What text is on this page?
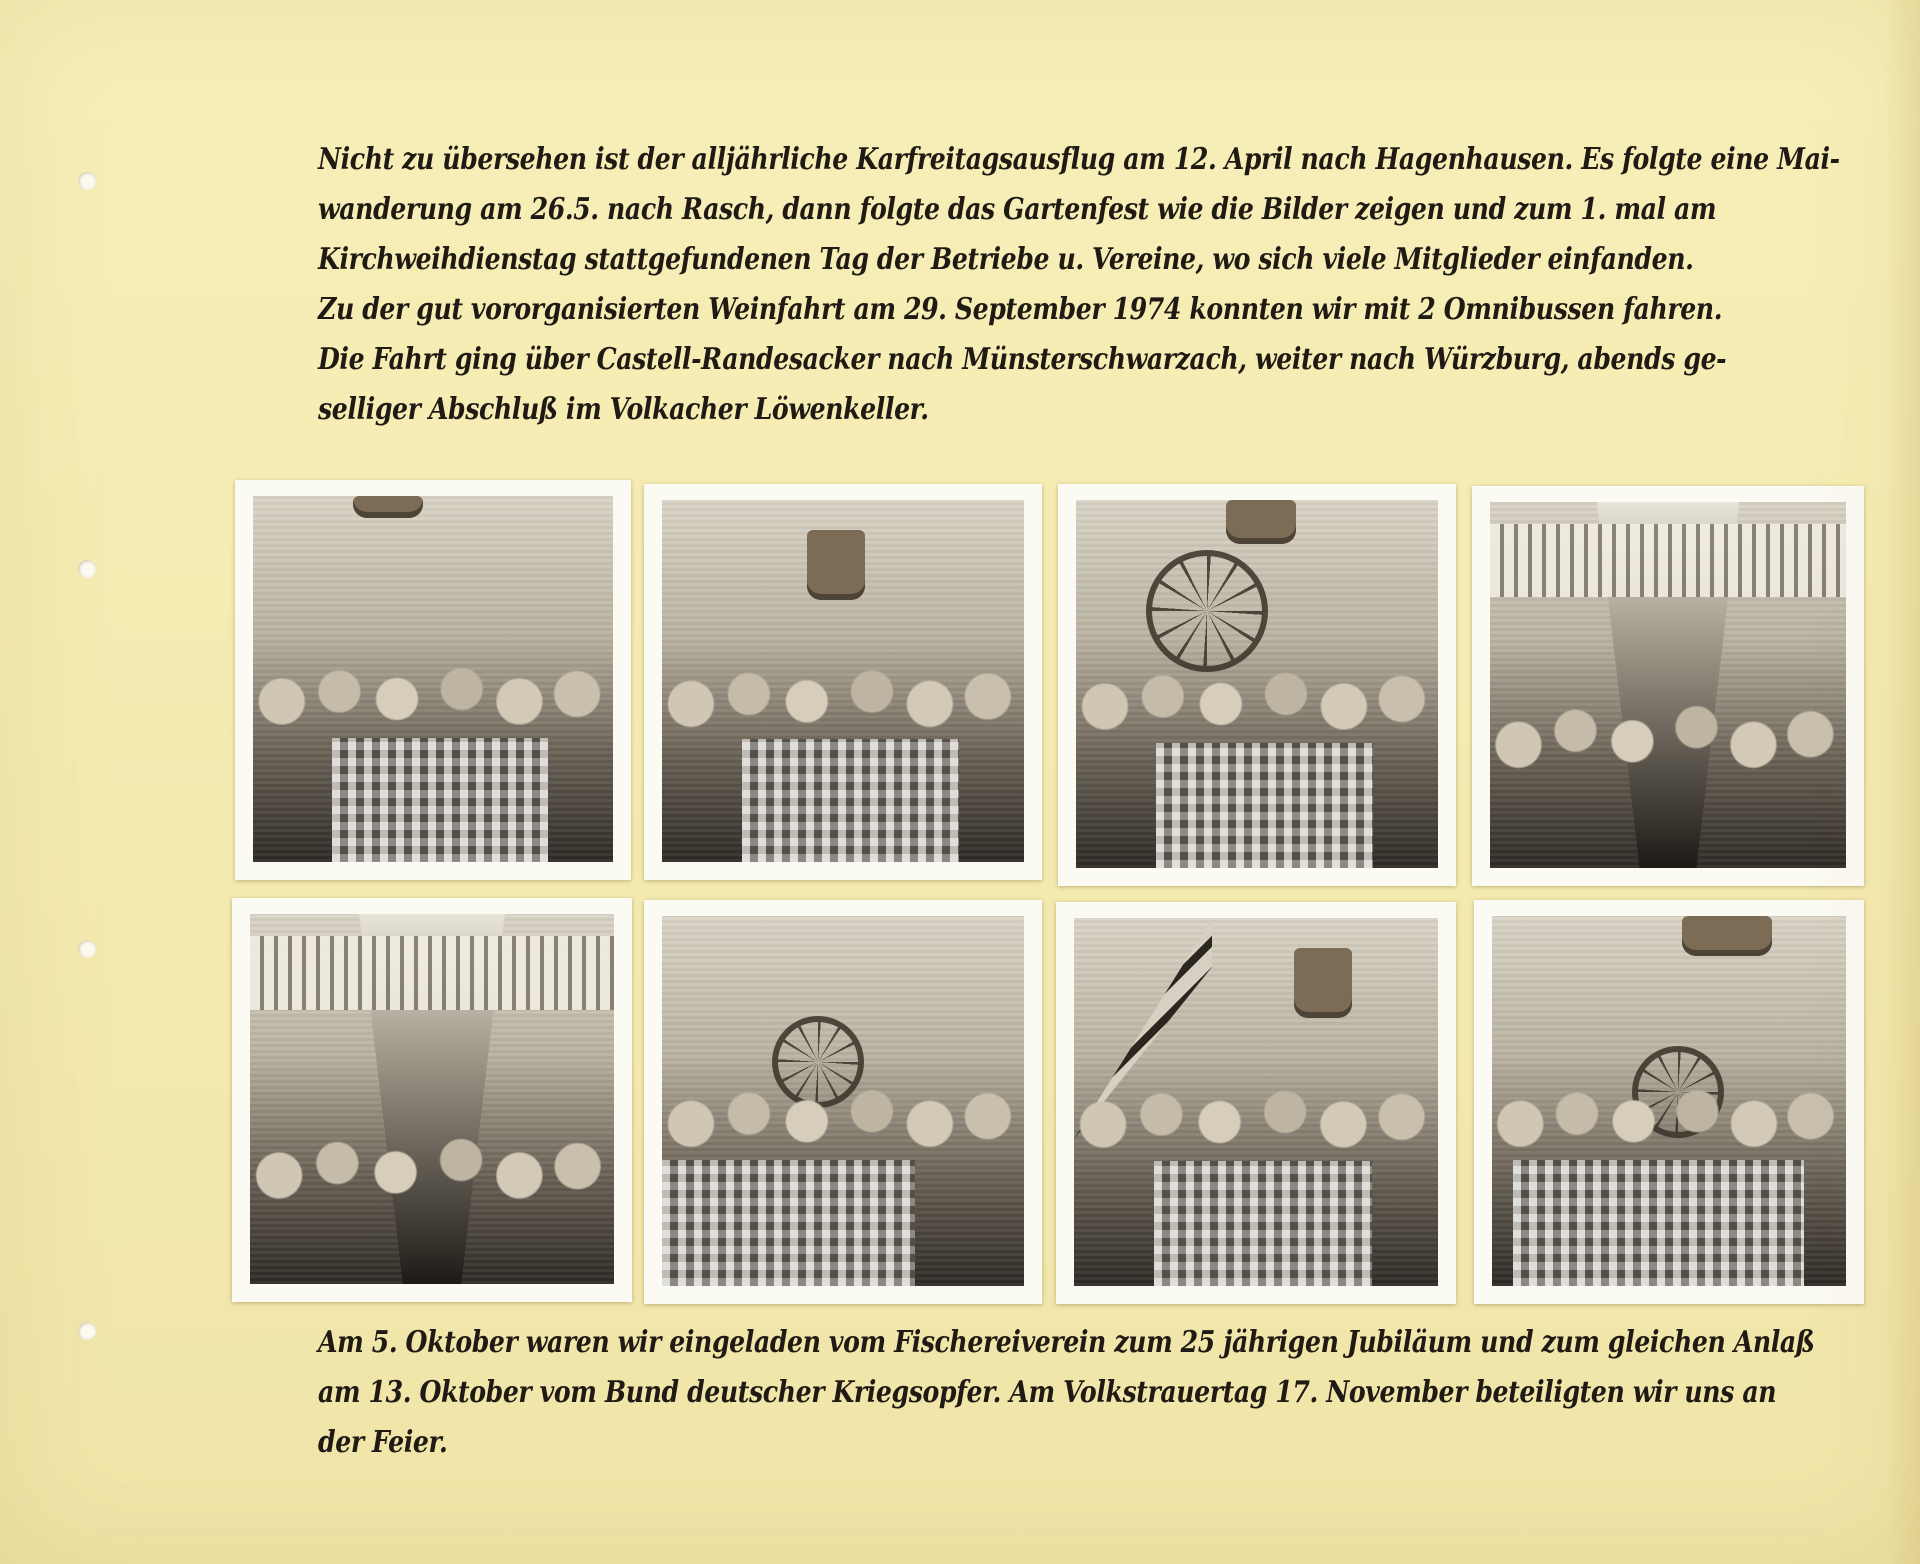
Nicht zu übersehen ist der alljährliche Karfreitagsausflug am 12. April nach Hagenhausen. Es folgte eine Mai-
wanderung am 26.5. nach Rasch, dann folgte das Gartenfest wie die Bilder zeigen und zum 1. mal am
Kirchweihdienstag stattgefundenen Tag der Betriebe u. Vereine, wo sich viele Mitglieder einfanden.
Zu der gut vororganisierten Weinfahrt am 29. September 1974 konnten wir mit 2 Omnibussen fahren.
Die Fahrt ging über Castell-Randesacker nach Münsterschwarzach, weiter nach Würzburg, abends ge-
selliger Abschluß im Volkacher Löwenkeller.
Am 5. Oktober waren wir eingeladen vom Fischereiverein zum 25 jährigen Jubiläum und zum gleichen Anlaß
am 13. Oktober vom Bund deutscher Kriegsopfer. Am Volkstrauertag 17. November beteiligten wir uns an
der Feier.
